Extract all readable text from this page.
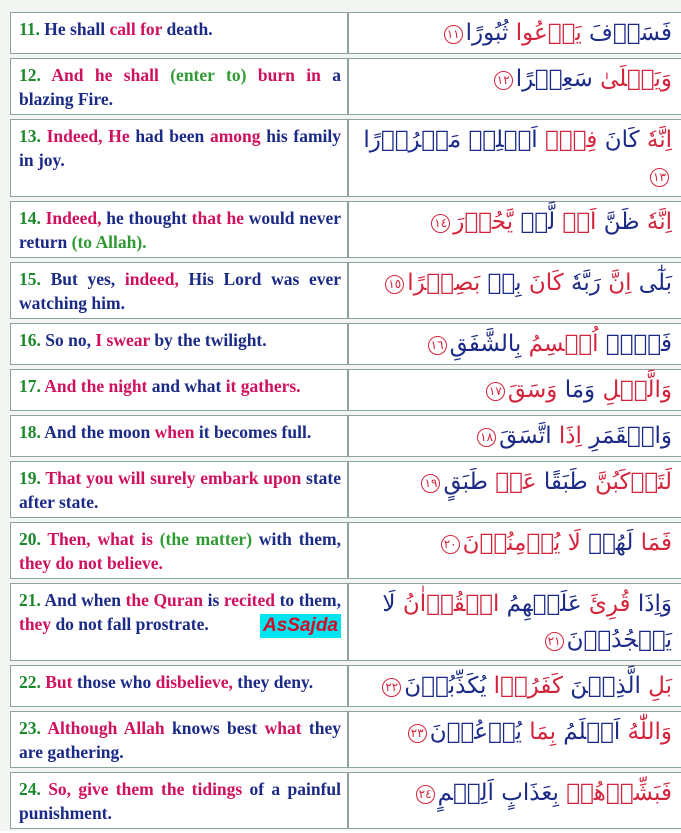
11. He shall call for death.	فَسَوۡفَ يَدۡعُوا ثُبُورًا١١
12. And he shall (enter to) burn in a blazing Fire.	وَيَصۡلَىٰ سَعِيۡرًا١٢
13. Indeed, He had been among his family in joy.	اِنَّهٗ كَانَ فِيۡۤ اَهۡلِهٖ مَسۡرُوۡرًا١٣
14. Indeed, he thought that he would never return (to Allah).	اِنَّهٗ ظَنَّ اَنۡ لَّنۡ يَّحُوۡرَ١٤
15. But yes, indeed, His Lord was ever watching him.	بَلٰٓى اِنَّ رَبَّهٗ كَانَ بِهٖ بَصِيۡرًا١٥
16. So no, I swear by the twilight.	فَلَاۤ اُقۡسِمُ بِالشَّفَقِ١٦
17. And the night and what it gathers.	وَالَّيۡلِ وَمَا وَسَقَ١٧
18. And the moon when it becomes full.	وَالۡقَمَرِ اِذَا اتَّسَقَ١٨
19. That you will surely embark upon state after state.	لَتَرۡكَبُنَّ طَبَقًا عَنۡ طَبَقٍ١٩
20. Then, what is (the matter) with them, they do not believe.	فَمَا لَهُمۡ لَا يُؤۡمِنُوۡنَ٢٠
21. And when the Quran is recited to them, they do not fall prostrate. AsSajda	وَاِذَا قُرِئَ عَلَيۡهِمُ الۡقُرۡاٰنُ لَا يَسۡجُدُوۡنَ٢١
22. But those who disbelieve, they deny.	بَلِ الَّذِيۡنَ كَفَرُوۡا يُكَذِّبُوۡنَ٢٢
23. Although Allah knows best what they are gathering.	وَاللّٰهُ اَعۡلَمُ بِمَا يُوۡعُوۡنَ٢٣
24. So, give them the tidings of a painful punishment.	فَبَشِّرۡهُمۡ بِعَذَابٍ اَلِيۡمٍ٢٤
